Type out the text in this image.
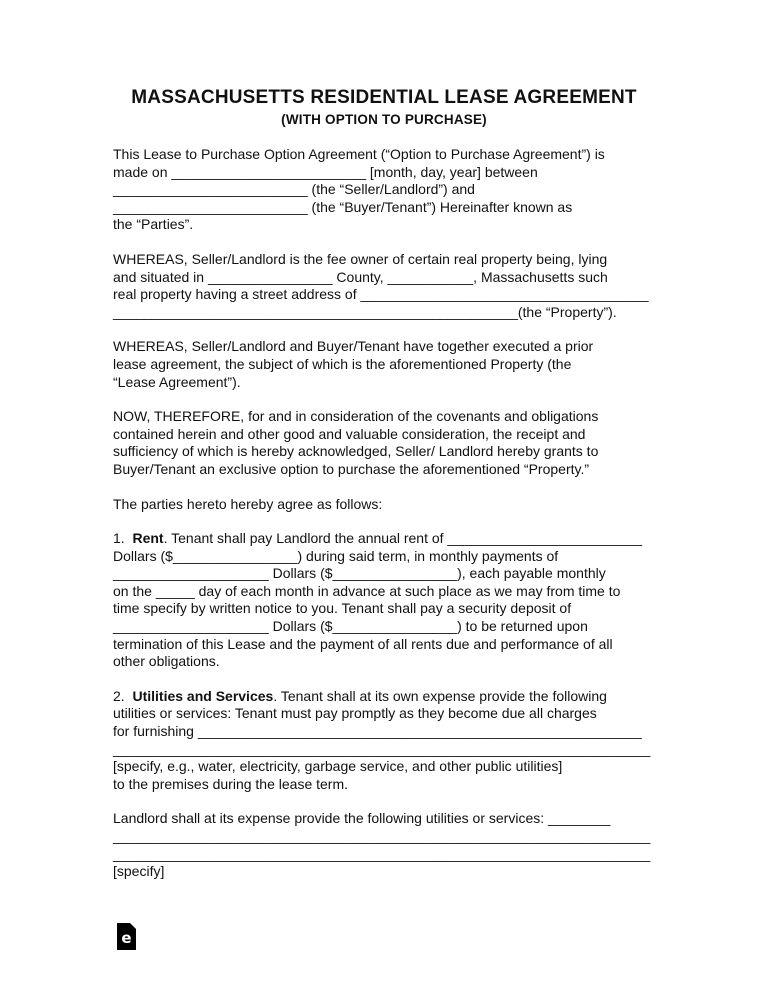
MASSACHUSETTS RESIDENTIAL LEASE AGREEMENT
(WITH OPTION TO PURCHASE)
This Lease to Purchase Option Agreement (“Option to Purchase Agreement”) is
made on _________________________ [month, day, year] between
_________________________ (the “Seller/Landlord”) and
_________________________ (the “Buyer/Tenant”) Hereinafter known as
the “Parties”.
WHEREAS, Seller/Landlord is the fee owner of certain real property being, lying
and situated in ________________ County, ___________, Massachusetts such
real property having a street address of _____________________________________
____________________________________________________(the “Property”).
WHEREAS, Seller/Landlord and Buyer/Tenant have together executed a prior
lease agreement, the subject of which is the aforementioned Property (the
“Lease Agreement”).
NOW, THEREFORE, for and in consideration of the covenants and obligations
contained herein and other good and valuable consideration, the receipt and
sufficiency of which is hereby acknowledged, Seller/ Landlord hereby grants to
Buyer/Tenant an exclusive option to purchase the aforementioned “Property.”
The parties hereto hereby agree as follows:
1.  Rent. Tenant shall pay Landlord the annual rent of _________________________
Dollars ($________________) during said term, in monthly payments of
____________________ Dollars ($________________), each payable monthly
on the _____ day of each month in advance at such place as we may from time to
time specify by written notice to you. Tenant shall pay a security deposit of
____________________ Dollars ($________________) to be returned upon
termination of this Lease and the payment of all rents due and performance of all
other obligations.
2.  Utilities and Services. Tenant shall at its own expense provide the following
utilities or services: Tenant must pay promptly as they become due all charges
for furnishing _________________________________________________________
_____________________________________________________________________
[specify, e.g., water, electricity, garbage service, and other public utilities]
to the premises during the lease term.
Landlord shall at its expense provide the following utilities or services: ________
_____________________________________________________________________
_____________________________________________________________________
[specify]
e
